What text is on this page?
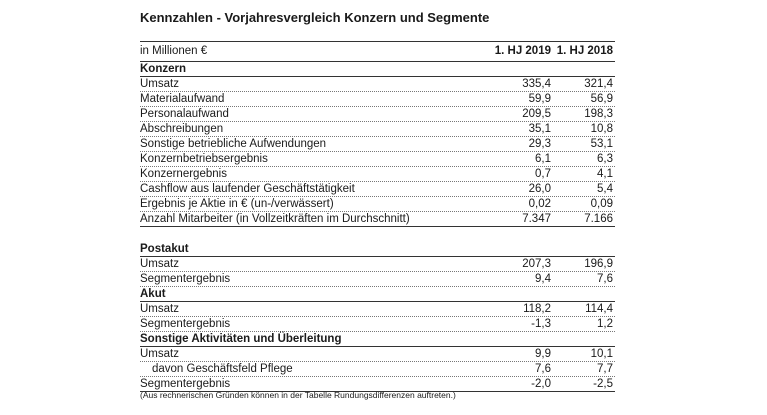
Kennzahlen - Vorjahresvergleich Konzern und Segmente
in Millionen €	1. HJ 2019 1. HJ 2018
Konzern
Umsatz	335,4	321,4
Materialaufwand	59,9	56,9
Personalaufwand	209,5	198,3
Abschreibungen	35,1	10,8
Sonstige betriebliche Aufwendungen	29,3	53,1
Konzernbetriebsergebnis	6,1	6,3
Konzernergebnis	0,7	4,1
Cashflow aus laufender Geschäftstätigkeit	26,0	5,4
Ergebnis je Aktie in € (un-/verwässert)	0,02	0,09
Anzahl Mitarbeiter (in Vollzeitkräften im Durchschnitt)	7.347	7.166
Postakut
Umsatz	207,3	196,9
Segmentergebnis	9,4	7,6
Akut
Umsatz	118,2	114,4
Segmentergebnis	-1,3	1,2
Sonstige Aktivitäten und Überleitung
Umsatz	9,9	10,1
davon Geschäftsfeld Pflege	7,6	7,7
Segmentergebnis	-2,0	-2,5
(Aus rechnerischen Gründen können in der Tabelle Rundungsdifferenzen auftreten.)
